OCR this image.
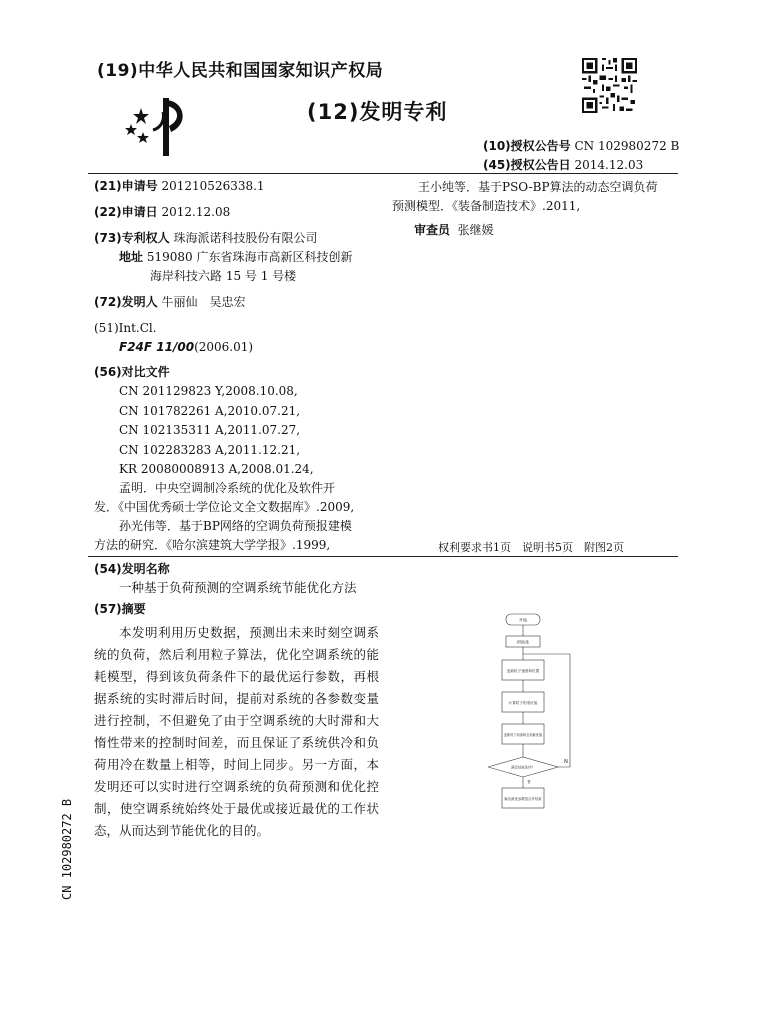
(19)中华人民共和国国家知识产权局
(12)发明专利
(10)授权公告号 CN 102980272 B
(45)授权公告日 2014.12.03
(21)申请号 201210526338.1
(22)申请日 2012.12.08
(73)专利权人 珠海派诺科技股份有限公司
地址 519080 广东省珠海市高新区科技创新
海岸科技六路 15 号 1 号楼
(72)发明人 牛丽仙　吴忠宏
(51)Int.Cl.
F24F 11/00(2006.01)
(56)对比文件
CN 201129823 Y,2008.10.08,
CN 101782261 A,2010.07.21,
CN 102135311 A,2011.07.27,
CN 102283283 A,2011.12.21,
KR 20080008913 A,2008.01.24,
孟明．中央空调制冷系统的优化及软件开
发．《中国优秀硕士学位论文全文数据库》.2009,
孙光伟等．基于BP网络的空调负荷预报建模
方法的研究．《哈尔滨建筑大学学报》.1999,
王小纯等．基于PSO-BP算法的动态空调负荷
预测模型．《装备制造技术》.2011,
审查员 张继媛
权利要求书1页　说明书5页　附图2页
(54)发明名称
一种基于负荷预测的空调系统节能优化方法
(57)摘要
本发明利用历史数据，预测出未来时刻空调系统的负荷，然后利用粒子算法，优化空调系统的能耗模型，得到该负荷条件下的最优运行参数，再根据系统的实时滞后时间，提前对系统的各参数变量进行控制，不但避免了由于空调系统的大时滞和大惰性带来的控制时间差，而且保证了系统供冷和负荷用冷在数量上相等，时间上同步。另一方面，本发明还可以实时进行空调系统的负荷预测和优化控制，使空调系统始终处于最优或接近最优的工作状态，从而达到节能优化的目的。
开始
初始化
更新粒子速度和位置
计算粒子的适应值
更新粒子局部和全局最优值
满足结束条件？
N
Y
输出最优参数组合并结束
CN 102980272 B
